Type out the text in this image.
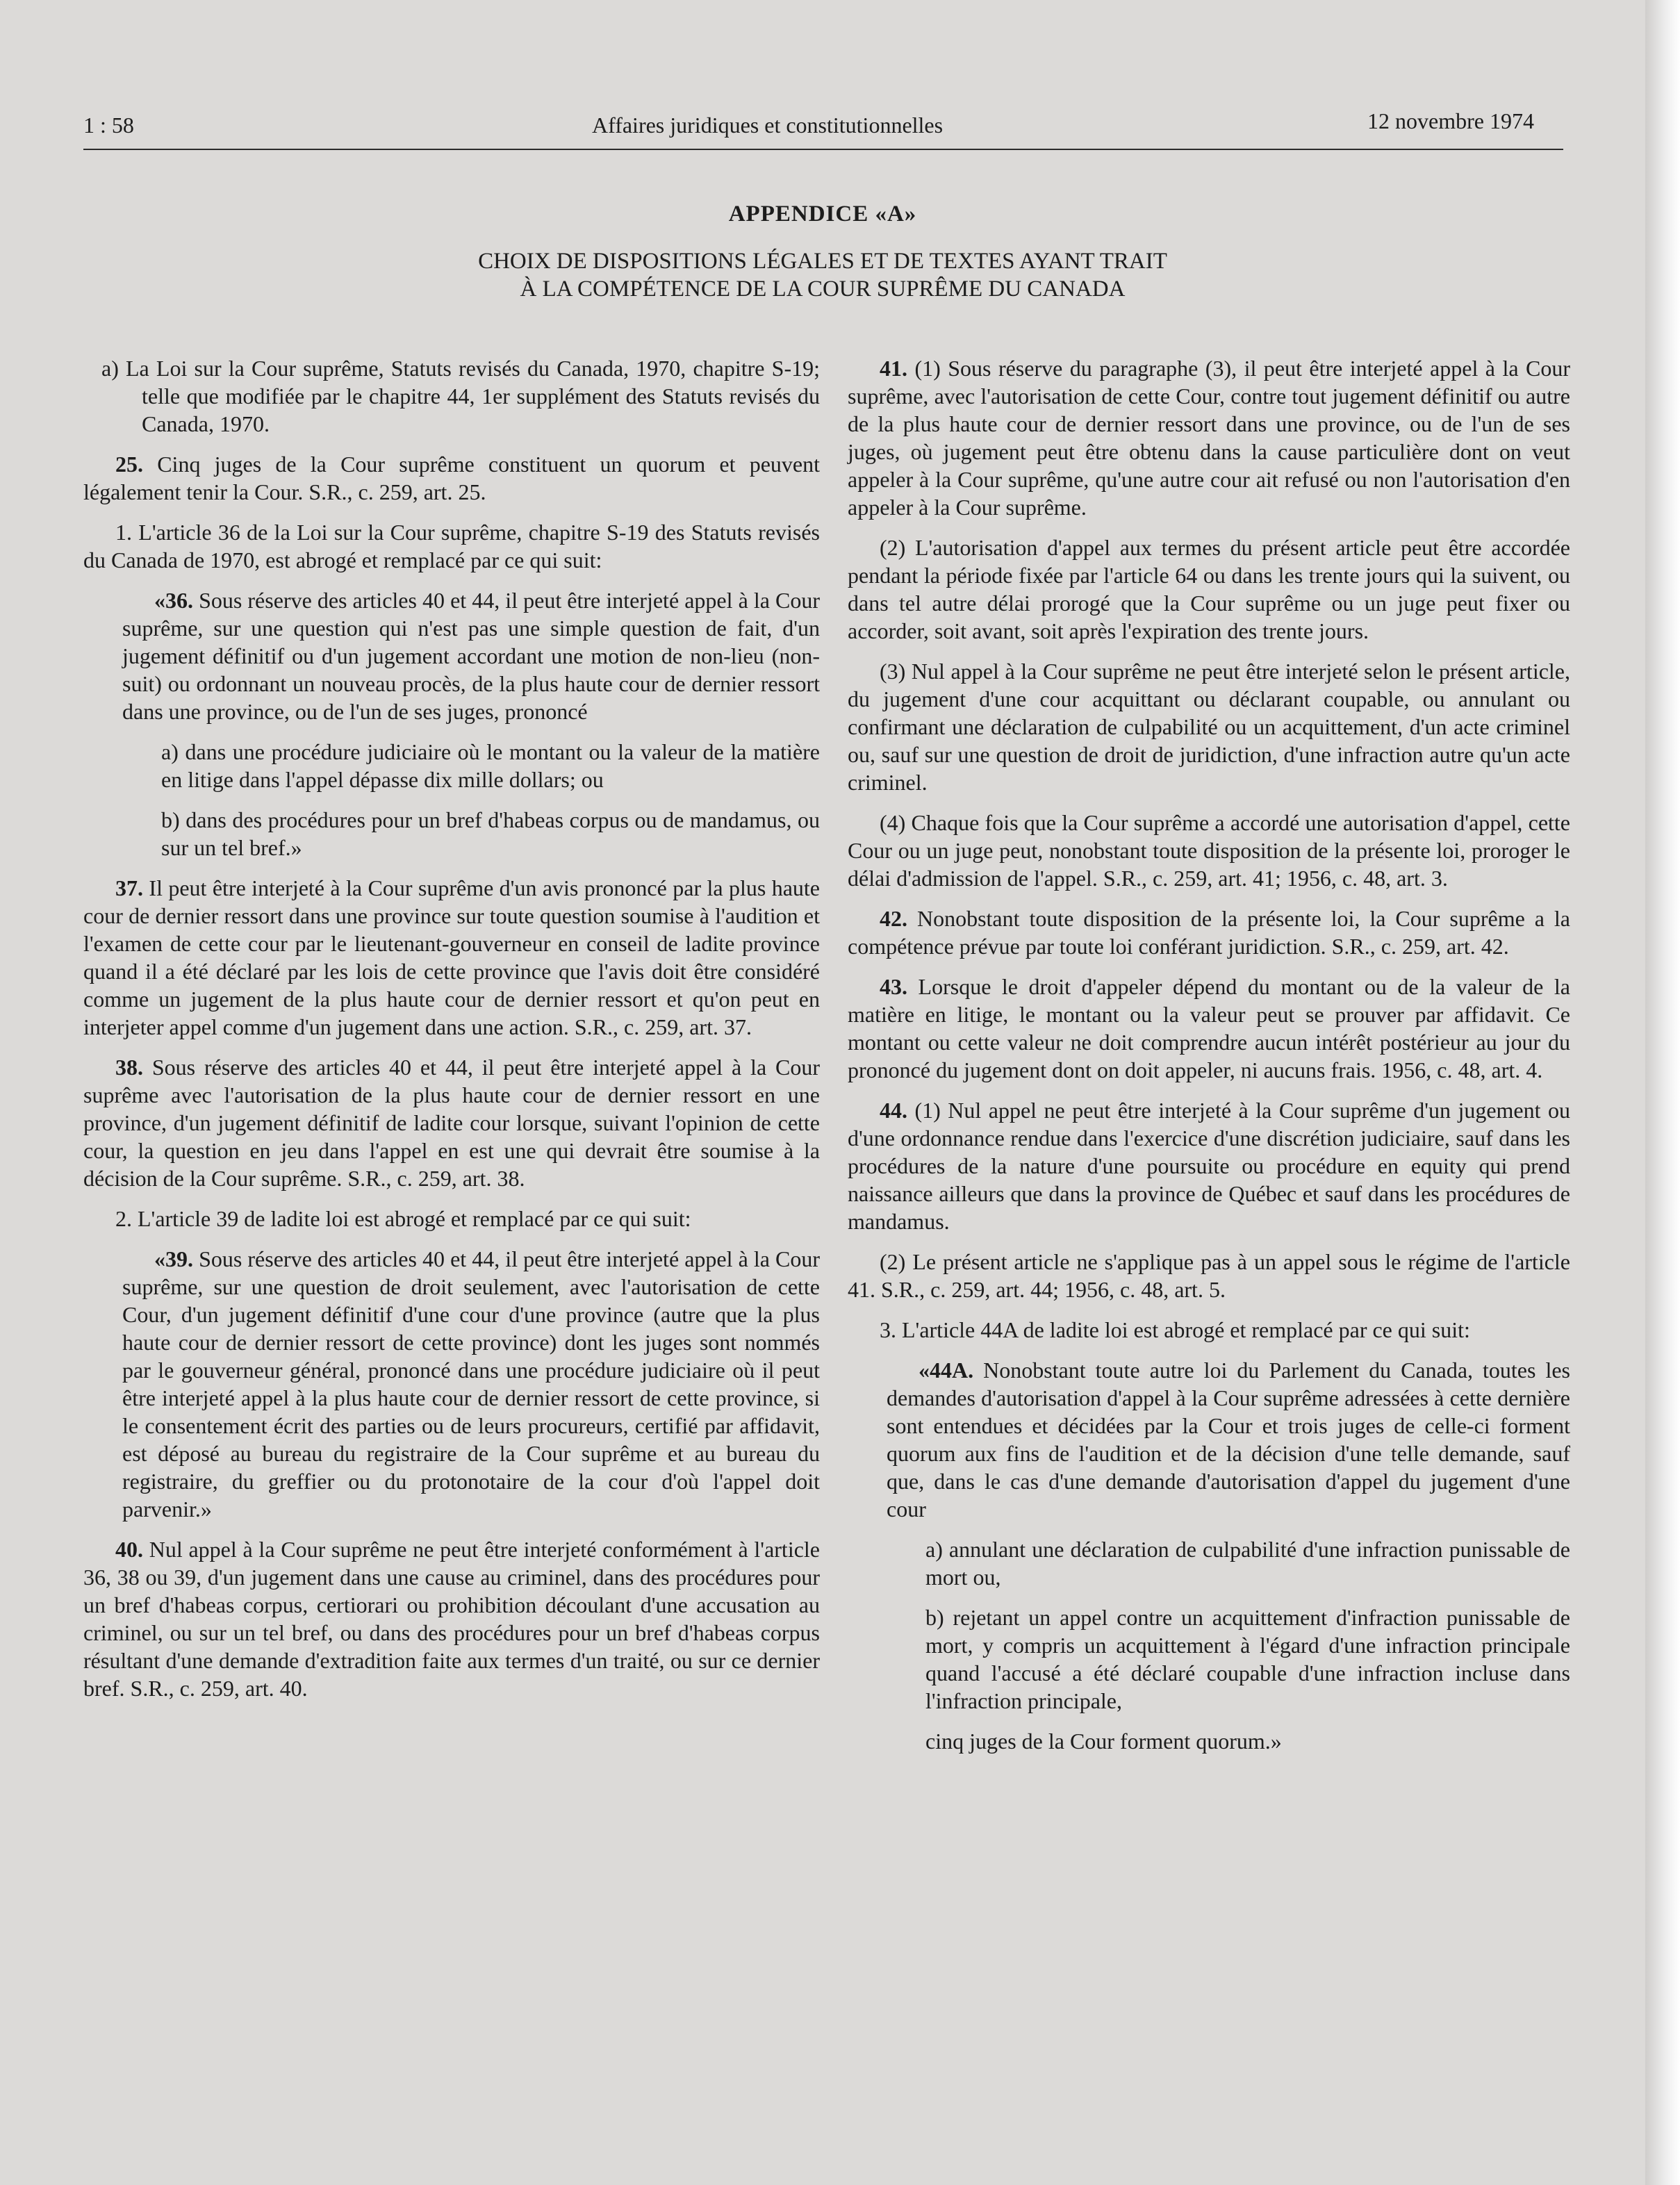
1 : 58	Affaires juridiques et constitutionnelles	12 novembre 1974
APPENDICE «A»
CHOIX DE DISPOSITIONS LÉGALES ET DE TEXTES AYANT TRAIT
À LA COMPÉTENCE DE LA COUR SUPRÊME DU CANADA

a) La Loi sur la Cour suprême, Statuts revisés du Canada, 1970, chapitre S-19; telle que modifiée par le chapitre 44, 1er supplément des Statuts revisés du Canada, 1970.

25. Cinq juges de la Cour suprême constituent un quorum et peuvent légalement tenir la Cour. S.R., c. 259, art. 25.

1. L'article 36 de la Loi sur la Cour suprême, chapitre S-19 des Statuts revisés du Canada de 1970, est abrogé et remplacé par ce qui suit:

«36. Sous réserve des articles 40 et 44, il peut être interjeté appel à la Cour suprême, sur une question qui n'est pas une simple question de fait, d'un jugement définitif ou d'un jugement accordant une motion de non-lieu (non-suit) ou ordonnant un nouveau procès, de la plus haute cour de dernier ressort dans une province, ou de l'un de ses juges, prononcé

a) dans une procédure judiciaire où le montant ou la valeur de la matière en litige dans l'appel dépasse dix mille dollars; ou

b) dans des procédures pour un bref d'habeas corpus ou de mandamus, ou sur un tel bref.»

37. Il peut être interjeté à la Cour suprême d'un avis prononcé par la plus haute cour de dernier ressort dans une province sur toute question soumise à l'audition et l'examen de cette cour par le lieutenant-gouverneur en conseil de ladite province quand il a été déclaré par les lois de cette province que l'avis doit être considéré comme un jugement de la plus haute cour de dernier ressort et qu'on peut en interjeter appel comme d'un jugement dans une action. S.R., c. 259, art. 37.

38. Sous réserve des articles 40 et 44, il peut être interjeté appel à la Cour suprême avec l'autorisation de la plus haute cour de dernier ressort en une province, d'un jugement définitif de ladite cour lorsque, suivant l'opinion de cette cour, la question en jeu dans l'appel en est une qui devrait être soumise à la décision de la Cour suprême. S.R., c. 259, art. 38.

2. L'article 39 de ladite loi est abrogé et remplacé par ce qui suit:

«39. Sous réserve des articles 40 et 44, il peut être interjeté appel à la Cour suprême, sur une question de droit seulement, avec l'autorisation de cette Cour, d'un jugement définitif d'une cour d'une province (autre que la plus haute cour de dernier ressort de cette province) dont les juges sont nommés par le gouverneur général, prononcé dans une procédure judiciaire où il peut être interjeté appel à la plus haute cour de dernier ressort de cette province, si le consentement écrit des parties ou de leurs procureurs, certifié par affidavit, est déposé au bureau du registraire de la Cour suprême et au bureau du registraire, du greffier ou du protonotaire de la cour d'où l'appel doit parvenir.»

40. Nul appel à la Cour suprême ne peut être interjeté conformément à l'article 36, 38 ou 39, d'un jugement dans une cause au criminel, dans des procédures pour un bref d'habeas corpus, certiorari ou prohibition découlant d'une accusation au criminel, ou sur un tel bref, ou dans des procédures pour un bref d'habeas corpus résultant d'une demande d'extradition faite aux termes d'un traité, ou sur ce dernier bref. S.R., c. 259, art. 40.

41. (1) Sous réserve du paragraphe (3), il peut être interjeté appel à la Cour suprême, avec l'autorisation de cette Cour, contre tout jugement définitif ou autre de la plus haute cour de dernier ressort dans une province, ou de l'un de ses juges, où jugement peut être obtenu dans la cause particulière dont on veut appeler à la Cour suprême, qu'une autre cour ait refusé ou non l'autorisation d'en appeler à la Cour suprême.

(2) L'autorisation d'appel aux termes du présent article peut être accordée pendant la période fixée par l'article 64 ou dans les trente jours qui la suivent, ou dans tel autre délai prorogé que la Cour suprême ou un juge peut fixer ou accorder, soit avant, soit après l'expiration des trente jours.

(3) Nul appel à la Cour suprême ne peut être interjeté selon le présent article, du jugement d'une cour acquittant ou déclarant coupable, ou annulant ou confirmant une déclaration de culpabilité ou un acquittement, d'un acte criminel ou, sauf sur une question de droit de juridiction, d'une infraction autre qu'un acte criminel.

(4) Chaque fois que la Cour suprême a accordé une autorisation d'appel, cette Cour ou un juge peut, nonobstant toute disposition de la présente loi, proroger le délai d'admission de l'appel. S.R., c. 259, art. 41; 1956, c. 48, art. 3.

42. Nonobstant toute disposition de la présente loi, la Cour suprême a la compétence prévue par toute loi conférant juridiction. S.R., c. 259, art. 42.

43. Lorsque le droit d'appeler dépend du montant ou de la valeur de la matière en litige, le montant ou la valeur peut se prouver par affidavit. Ce montant ou cette valeur ne doit comprendre aucun intérêt postérieur au jour du prononcé du jugement dont on doit appeler, ni aucuns frais. 1956, c. 48, art. 4.

44. (1) Nul appel ne peut être interjeté à la Cour suprême d'un jugement ou d'une ordonnance rendue dans l'exercice d'une discrétion judiciaire, sauf dans les procédures de la nature d'une poursuite ou procédure en equity qui prend naissance ailleurs que dans la province de Québec et sauf dans les procédures de mandamus.

(2) Le présent article ne s'applique pas à un appel sous le régime de l'article 41. S.R., c. 259, art. 44; 1956, c. 48, art. 5.

3. L'article 44A de ladite loi est abrogé et remplacé par ce qui suit:

«44A. Nonobstant toute autre loi du Parlement du Canada, toutes les demandes d'autorisation d'appel à la Cour suprême adressées à cette dernière sont entendues et décidées par la Cour et trois juges de celle-ci forment quorum aux fins de l'audition et de la décision d'une telle demande, sauf que, dans le cas d'une demande d'autorisation d'appel du jugement d'une cour

a) annulant une déclaration de culpabilité d'une infraction punissable de mort ou,

b) rejetant un appel contre un acquittement d'infraction punissable de mort, y compris un acquittement à l'égard d'une infraction principale quand l'accusé a été déclaré coupable d'une infraction incluse dans l'infraction principale,

cinq juges de la Cour forment quorum.»
